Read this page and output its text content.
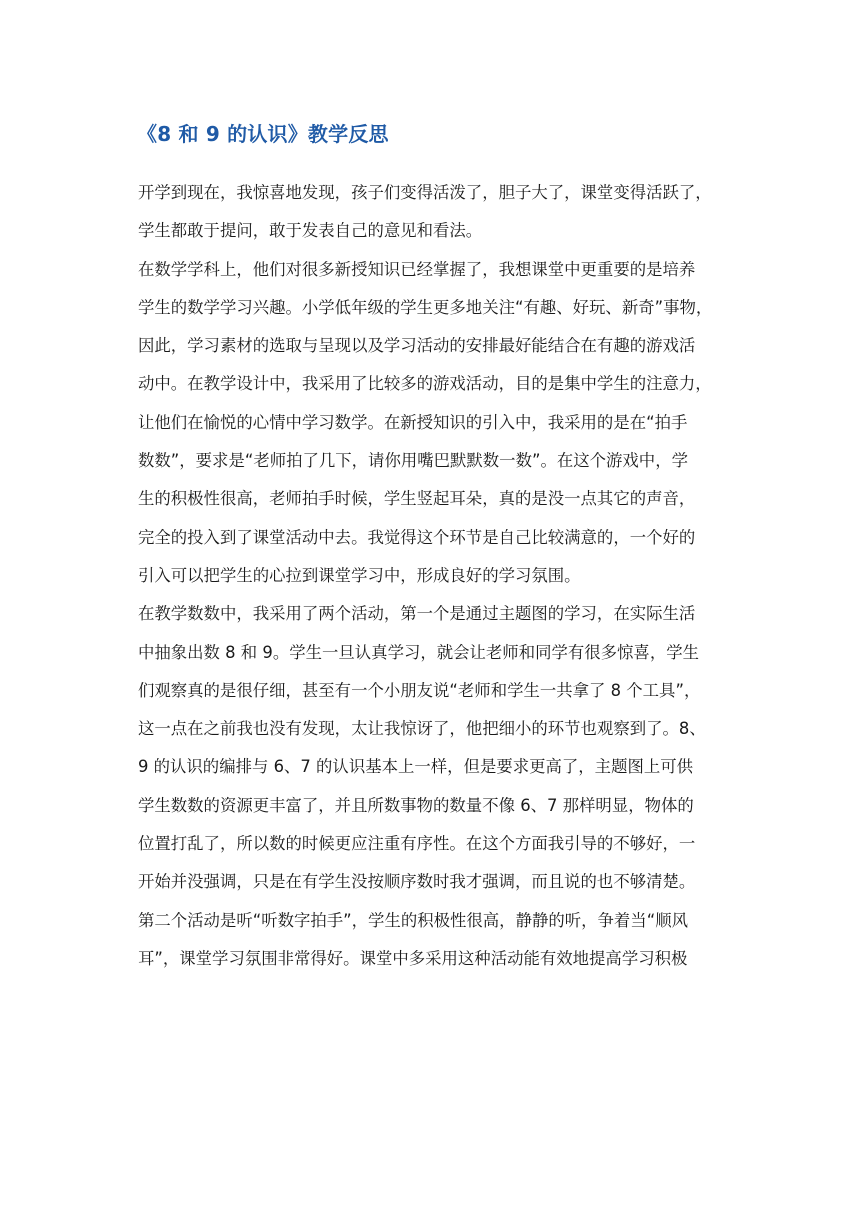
《8 和 9 的认识》教学反思
开学到现在，我惊喜地发现，孩子们变得活泼了，胆子大了，课堂变得活跃了，
学生都敢于提问，敢于发表自己的意见和看法。
在数学学科上，他们对很多新授知识已经掌握了，我想课堂中更重要的是培养
学生的数学学习兴趣。小学低年级的学生更多地关注“有趣、好玩、新奇”事物，
因此，学习素材的选取与呈现以及学习活动的安排最好能结合在有趣的游戏活
动中。在教学设计中，我采用了比较多的游戏活动，目的是集中学生的注意力，
让他们在愉悦的心情中学习数学。在新授知识的引入中，我采用的是在“拍手
数数”，要求是“老师拍了几下，请你用嘴巴默默数一数”。在这个游戏中，学
生的积极性很高，老师拍手时候，学生竖起耳朵，真的是没一点其它的声音，
完全的投入到了课堂活动中去。我觉得这个环节是自己比较满意的，一个好的
引入可以把学生的心拉到课堂学习中，形成良好的学习氛围。
在教学数数中，我采用了两个活动，第一个是通过主题图的学习，在实际生活
中抽象出数 8 和 9。学生一旦认真学习，就会让老师和同学有很多惊喜，学生
们观察真的是很仔细，甚至有一个小朋友说“老师和学生一共拿了 8 个工具”，
这一点在之前我也没有发现，太让我惊讶了，他把细小的环节也观察到了。8、
9 的认识的编排与 6、7 的认识基本上一样，但是要求更高了，主题图上可供
学生数数的资源更丰富了，并且所数事物的数量不像 6、7 那样明显，物体的
位置打乱了，所以数的时候更应注重有序性。在这个方面我引导的不够好，一
开始并没强调，只是在有学生没按顺序数时我才强调，而且说的也不够清楚。
第二个活动是听“听数字拍手”，学生的积极性很高，静静的听，争着当“顺风
耳”，课堂学习氛围非常得好。课堂中多采用这种活动能有效地提高学习积极
